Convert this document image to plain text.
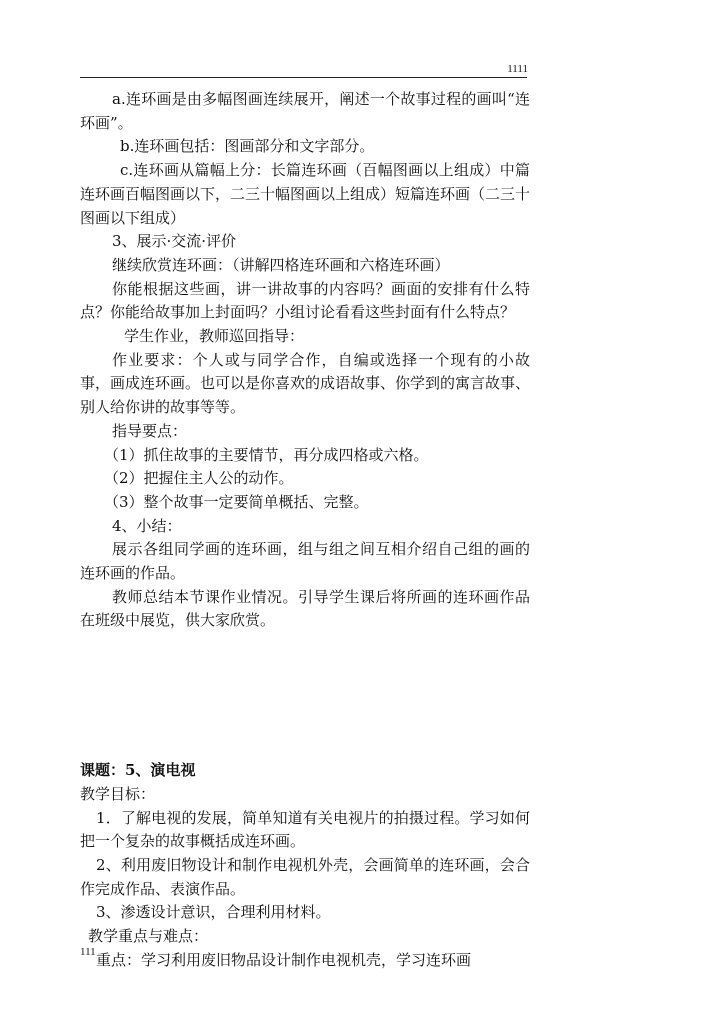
1111

a.连环画是由多幅图画连续展开，阐述一个故事过程的画叫“连环画”。

b.连环画包括：图画部分和文字部分。

c.连环画从篇幅上分：长篇连环画（百幅图画以上组成）中篇连环画百幅图画以下，二三十幅图画以上组成）短篇连环画（二三十图画以下组成）

3、展示·交流·评价

继续欣赏连环画：（讲解四格连环画和六格连环画）

你能根据这些画，讲一讲故事的内容吗？画面的安排有什么特点？你能给故事加上封面吗？小组讨论看看这些封面有什么特点？

学生作业，教师巡回指导：

作业要求：个人或与同学合作，自编或选择一个现有的小故事，画成连环画。也可以是你喜欢的成语故事、你学到的寓言故事、别人给你讲的故事等等。

指导要点：

（1）抓住故事的主要情节，再分成四格或六格。

（2）把握住主人公的动作。

（3）整个故事一定要简单概括、完整。

4、小结：

展示各组同学画的连环画，组与组之间互相介绍自己组的画的连环画的作品。

教师总结本节课作业情况。引导学生课后将所画的连环画作品在班级中展览，供大家欣赏。

课题：5、演电视

教学目标：

1．了解电视的发展，简单知道有关电视片的拍摄过程。学习如何把一个复杂的故事概括成连环画。

2、利用废旧物设计和制作电视机外壳，会画简单的连环画，会合作完成作品、表演作品。

3、渗透设计意识，合理利用材料。

教学重点与难点：

重点：学习利用废旧物品设计制作电视机壳，学习连环画

111
